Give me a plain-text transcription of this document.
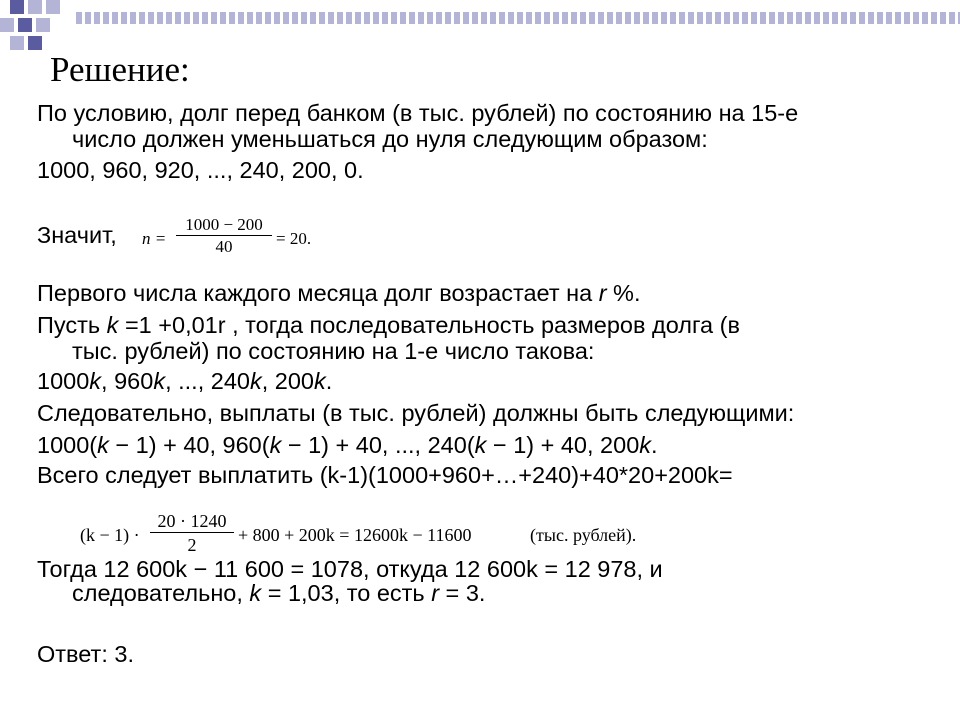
Решение:
По условию, долг перед банком (в тыс. рублей) по состоянию на 15-е
число должен уменьшаться до нуля следующим образом:
1000, 960, 920, ..., 240, 200, 0.
Значит, n =
1000 − 200
40	= 20.
Первого числа каждого месяца долг возрастает на r %.
Пусть k =1 +0,01r , тогда последовательность размеров долга (в
тыс. рублей) по состоянию на 1-е число такова:
1000k, 960k, ..., 240k, 200k.
Следовательно, выплаты (в тыс. рублей) должны быть следующими:
1000(k − 1) + 40, 960(k − 1) + 40, ..., 240(k − 1) + 40, 200k.
Всего следует выплатить (k-1)(1000+960+…+240)+40*20+200k=
(k − 1) ·
20 · 1240
2	+ 800 + 200k = 12600k − 11600	(тыс. рублей).
Тогда 12 600k − 11 600 = 1078, откуда 12 600k = 12 978, и
следовательно, k = 1,03, то есть r = 3.
Ответ: 3.
